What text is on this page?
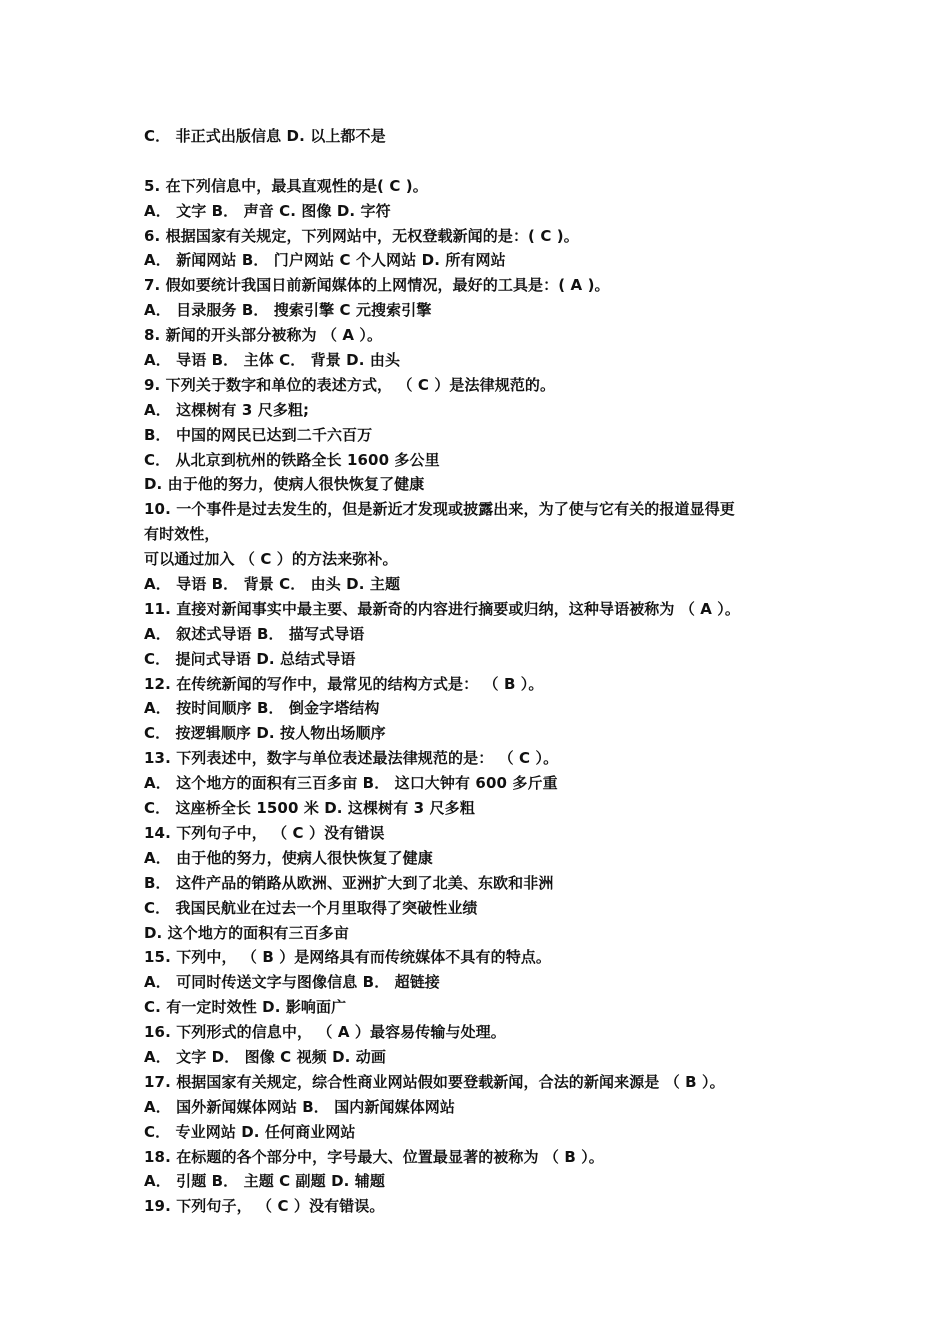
C． 非正式出版信息 D. 以上都不是
5. 在下列信息中，最具直观性的是( C )。
A． 文字 B． 声音 C. 图像 D. 字符
6. 根据国家有关规定，下列网站中，无权登载新闻的是：( C )。
A． 新闻网站 B． 门户网站 C 个人网站 D. 所有网站
7. 假如要统计我国日前新闻媒体的上网情况，最好的工具是：( A )。
A． 目录服务 B． 搜索引擎 C 元搜索引擎
8. 新闻的开头部分被称为 （ A ）。
A． 导语 B． 主体 C． 背景 D. 由头
9. 下列关于数字和单位的表述方式， （ C ）是法律规范的。
A． 这棵树有 3 尺多粗;
B． 中国的网民已达到二千六百万
C． 从北京到杭州的铁路全长 1600 多公里
D. 由于他的努力，使病人很快恢复了健康
10. 一个事件是过去发生的，但是新近才发现或披露出来，为了使与它有关的报道显得更
有时效性，
可以通过加入 （ C ）的方法来弥补。
A． 导语 B． 背景 C． 由头 D. 主题
11. 直接对新闻事实中最主要、最新奇的内容进行摘要或归纳，这种导语被称为 （ A ）。
A． 叙述式导语 B． 描写式导语
C． 提问式导语 D. 总结式导语
12. 在传统新闻的写作中，最常见的结构方式是： （ B ）。
A． 按时间顺序 B． 倒金字塔结构
C． 按逻辑顺序 D. 按人物出场顺序
13. 下列表述中，数字与单位表述最法律规范的是： （ C ）。
A． 这个地方的面积有三百多亩 B． 这口大钟有 600 多斤重
C． 这座桥全长 1500 米 D. 这棵树有 3 尺多粗
14. 下列句子中， （ C ）没有错误
A． 由于他的努力，使病人很快恢复了健康
B． 这件产品的销路从欧洲、亚洲扩大到了北美、东欧和非洲
C． 我国民航业在过去一个月里取得了突破性业绩
D. 这个地方的面积有三百多亩
15. 下列中， （ B ）是网络具有而传统媒体不具有的特点。
A． 可同时传送文字与图像信息 B． 超链接
C. 有一定时效性 D. 影响面广
16. 下列形式的信息中， （ A ）最容易传输与处理。
A． 文字 D． 图像 C 视频 D. 动画
17. 根据国家有关规定，综合性商业网站假如要登载新闻，合法的新闻来源是 （ B ）。
A． 国外新闻媒体网站 B． 国内新闻媒体网站
C． 专业网站 D. 任何商业网站
18. 在标题的各个部分中，字号最大、位置最显著的被称为 （ B ）。
A． 引题 B． 主题 C 副题 D. 辅题
19. 下列句子， （ C ）没有错误。
